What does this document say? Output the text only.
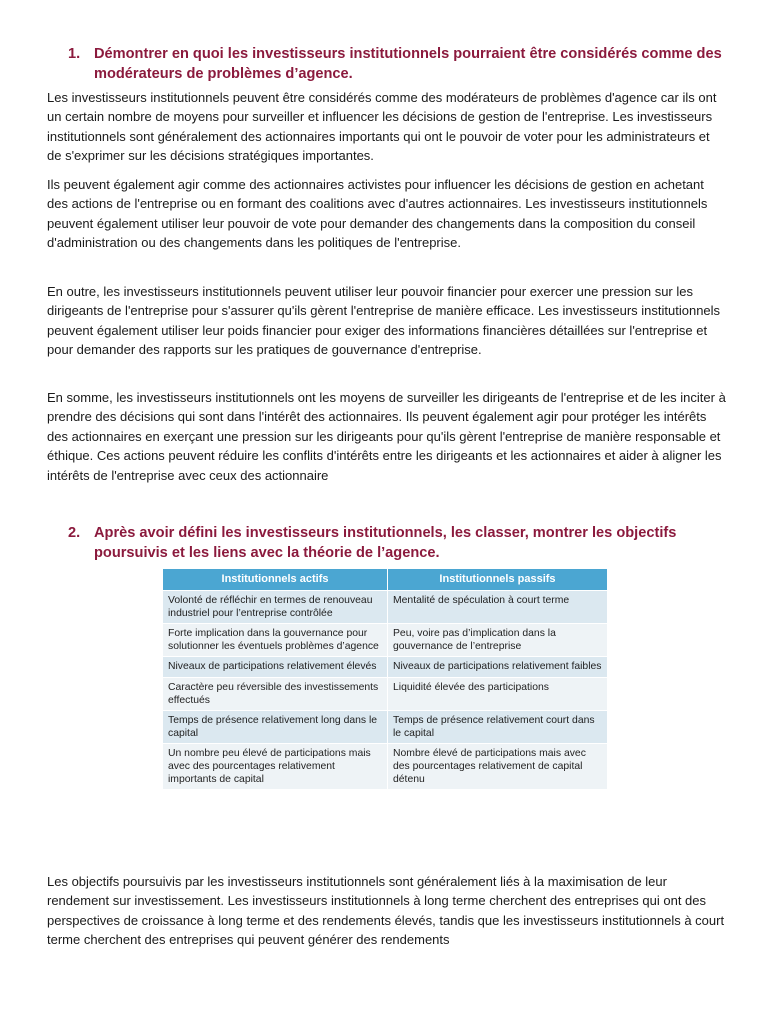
1. Démontrer en quoi les investisseurs institutionnels pourraient être considérés comme des modérateurs de problèmes d’agence.

Les investisseurs institutionnels peuvent être considérés comme des modérateurs de problèmes d'agence car ils ont un certain nombre de moyens pour surveiller et influencer les décisions de gestion de l'entreprise. Les investisseurs institutionnels sont généralement des actionnaires importants qui ont le pouvoir de voter pour les administrateurs et de s'exprimer sur les décisions stratégiques importantes.

Ils peuvent également agir comme des actionnaires activistes pour influencer les décisions de gestion en achetant des actions de l'entreprise ou en formant des coalitions avec d'autres actionnaires. Les investisseurs institutionnels peuvent également utiliser leur pouvoir de vote pour demander des changements dans la composition du conseil d'administration ou des changements dans les politiques de l'entreprise.

En outre, les investisseurs institutionnels peuvent utiliser leur pouvoir financier pour exercer une pression sur les dirigeants de l'entreprise pour s'assurer qu'ils gèrent l'entreprise de manière efficace. Les investisseurs institutionnels peuvent également utiliser leur poids financier pour exiger des informations financières détaillées sur l'entreprise et pour demander des rapports sur les pratiques de gouvernance d'entreprise.

En somme, les investisseurs institutionnels ont les moyens de surveiller les dirigeants de l'entreprise et de les inciter à prendre des décisions qui sont dans l'intérêt des actionnaires. Ils peuvent également agir pour protéger les intérêts des actionnaires en exerçant une pression sur les dirigeants pour qu'ils gèrent l'entreprise de manière responsable et éthique. Ces actions peuvent réduire les conflits d'intérêts entre les dirigeants et les actionnaires et aider à aligner les intérêts de l'entreprise avec ceux des actionnaire

2. Après avoir défini les investisseurs institutionnels, les classer, montrer les objectifs poursuivis et les liens avec la théorie de l’agence.
Institutionnels actifs	Institutionnels passifs
Volonté de réfléchir en termes de renouveau industriel pour l’entreprise contrôlée	Mentalité de spéculation à court terme
Forte implication dans la gouvernance pour solutionner les éventuels problèmes d’agence	Peu, voire pas d’implication dans la gouvernance de l’entreprise
Niveaux de participations relativement élevés	Niveaux de participations relativement faibles
Caractère peu réversible des investissements effectués	Liquidité élevée des participations
Temps de présence relativement long dans le capital	Temps de présence relativement court dans le capital
Un nombre peu élevé de participations mais avec des pourcentages relativement importants de capital	Nombre élevé de participations mais avec des pourcentages relativement de capital détenu

Les objectifs poursuivis par les investisseurs institutionnels sont généralement liés à la maximisation de leur rendement sur investissement. Les investisseurs institutionnels à long terme cherchent des entreprises qui ont des perspectives de croissance à long terme et des rendements élevés, tandis que les investisseurs institutionnels à court terme cherchent des entreprises qui peuvent générer des rendements
